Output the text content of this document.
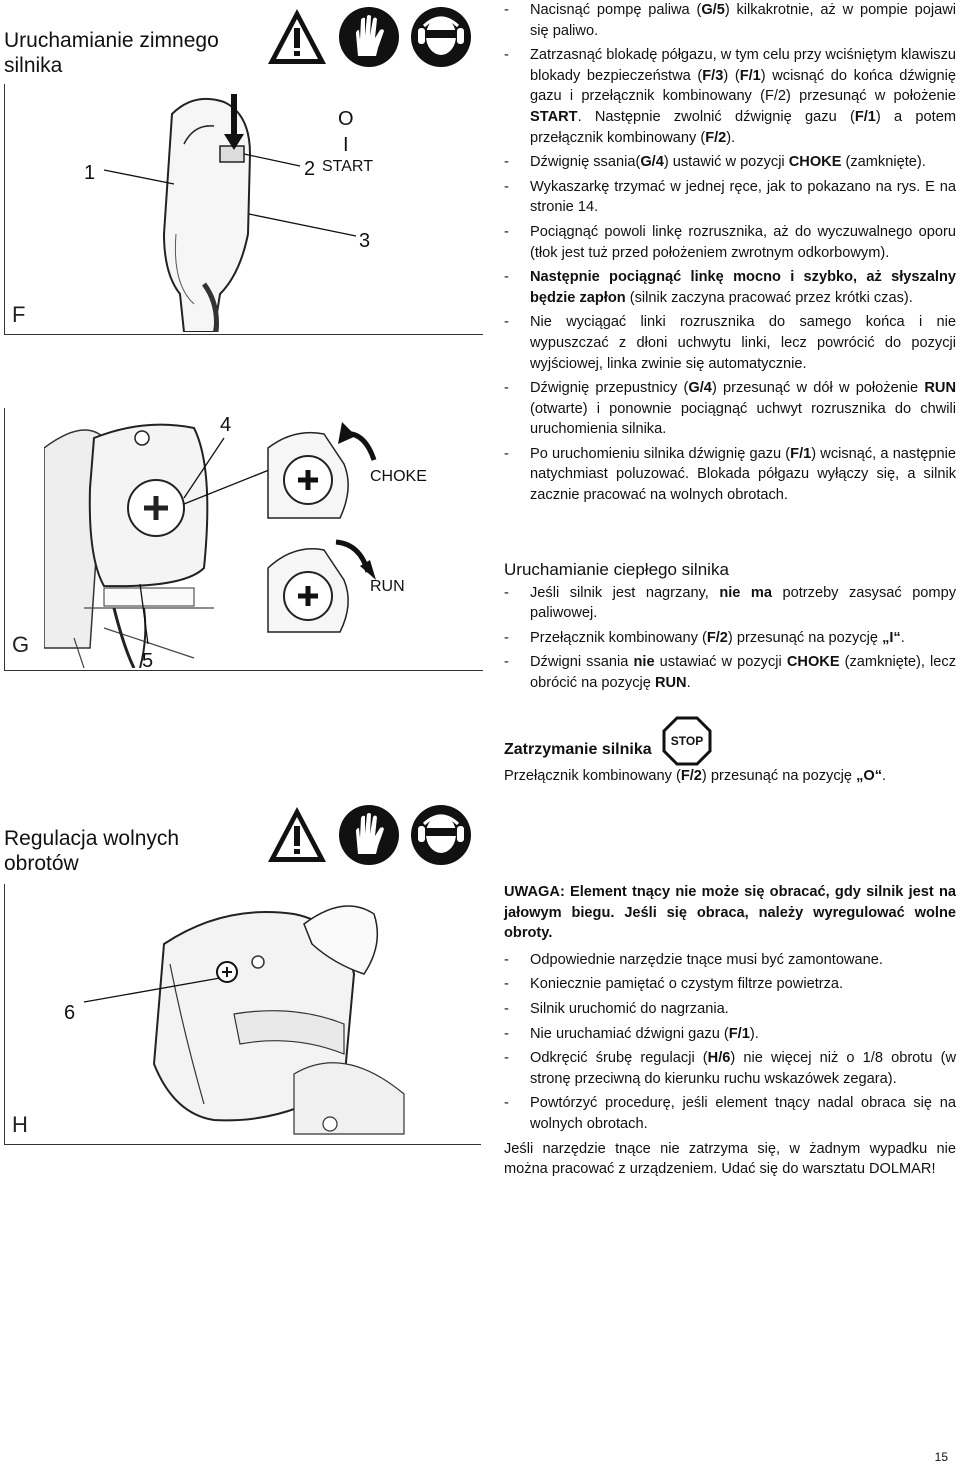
Uruchamianie zimnego
silnika
F
1	2
3
O
I
START
G
4
5
CHOKE
RUN

- Nacisnąć pompę paliwa (G/5) kilkakrotnie, aż w pompie pojawi się paliwo.

- Zatrzasnąć blokadę półgazu, w tym celu przy wciśniętym klawiszu blokady bezpieczeństwa (F/3) (F/1) wcisnąć do końca dźwignię gazu i przełącznik kombinowany (F/2) przesunąć w położenie START. Następnie zwolnić dźwignię gazu (F/1) a potem przełącznik kombinowany (F/2).

- Dźwignię ssania(G/4) ustawić w pozycji CHOKE (zamknięte).

- Wykaszarkę trzymać w jednej ręce, jak to pokazano na rys. E na stronie 14.

- Pociągnąć powoli linkę rozrusznika, aż do wyczuwalnego oporu (tłok jest tuż przed położeniem zwrotnym odkorbowym).

- Następnie pociągnąć linkę mocno i szybko, aż słyszalny będzie zapłon (silnik zaczyna pracować przez krótki czas).

- Nie wyciągać linki rozrusznika do samego końca i nie wypuszczać z dłoni uchwytu linki, lecz powrócić do pozycji wyjściowej, linka zwinie się automatycznie.

- Dźwignię przepustnicy (G/4) przesunąć w dół w położenie RUN (otwarte) i ponownie pociągnąć uchwyt rozrusznika do chwili uruchomienia silnika.

- Po uruchomieniu silnika dźwignię gazu (F/1) wcisnąć, a następnie natychmiast poluzować. Blokada półgazu wyłączy się, a silnik zacznie pracować na wolnych obrotach.

Uruchamianie ciepłego silnika

- Jeśli silnik jest nagrzany, nie ma potrzeby zasysać pompy paliwowej.

- Przełącznik kombinowany (F/2) przesunąć na pozycję „I“.

- Dźwigni ssania nie ustawiać w pozycji CHOKE (zamknięte), lecz obrócić na pozycję RUN.

Zatrzymanie silnika STOP
Przełącznik kombinowany (F/2) przesunąć na pozycję „O“.
Regulacja wolnych
obrotów
H
6
UWAGA: Element tnący nie może się obracać, gdy silnik jest na jałowym biegu. Jeśli się obraca, należy wyregulować wolne obroty.

- Odpowiednie narzędzie tnące musi być zamontowane.

- Koniecznie pamiętać o czystym filtrze powietrza.

- Silnik uruchomić do nagrzania.

- Nie uruchamiać dźwigni gazu (F/1).

- Odkręcić śrubę regulacji (H/6) nie więcej niż o 1/8 obrotu (w stronę przeciwną do kierunku ruchu wskazówek zegara).

- Powtórzyć procedurę, jeśli element tnący nadal obraca się na wolnych obrotach.

Jeśli narzędzie tnące nie zatrzyma się, w żadnym wypadku nie można pracować z urządzeniem. Udać się do warsztatu DOLMAR!
15
